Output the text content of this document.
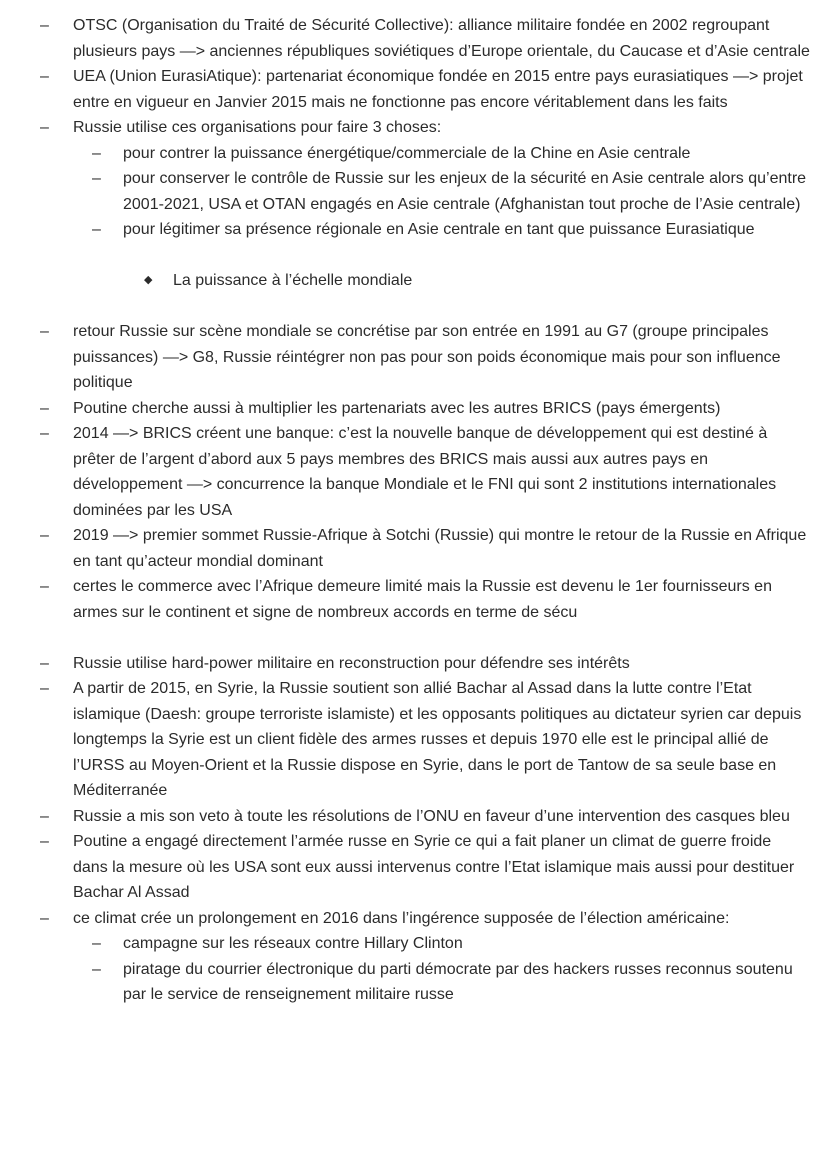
–	OTSC (Organisation du Traité de Sécurité Collective): alliance militaire fondée en 2002 regroupant plusieurs pays —> anciennes républiques soviétiques d’Europe orientale, du Caucase et d’Asie centrale
–	UEA (Union EurasiAtique): partenariat économique fondée en 2015 entre pays eurasiatiques —> projet entre en vigueur en Janvier 2015 mais ne fonctionne pas encore véritablement dans les faits
–	Russie utilise ces organisations pour faire 3 choses:
–	pour contrer la puissance énergétique/commerciale de la Chine en Asie centrale
–	pour conserver le contrôle de Russie sur les enjeux de la sécurité en Asie centrale alors qu’entre 2001-2021, USA et OTAN engagés en Asie centrale (Afghanistan tout proche de l’Asie centrale)
–	pour légitimer sa présence régionale en Asie centrale en tant que puissance Eurasiatique
◆ La puissance à l’échelle mondiale
–	retour Russie sur scène mondiale se concrétise par son entrée en 1991 au G7 (groupe principales puissances) —> G8, Russie réintégrer non pas pour son poids économique mais pour son influence politique
–	Poutine cherche aussi à multiplier les partenariats avec les autres BRICS (pays émergents)
–	2014 —> BRICS créent une banque: c’est la nouvelle banque de développement qui est destiné à prêter de l’argent d’abord aux 5 pays membres des BRICS mais aussi aux autres pays en développement —> concurrence la banque Mondiale et le FNI qui sont 2 institutions internationales dominées par les USA
–	2019 —> premier sommet Russie-Afrique à Sotchi (Russie) qui montre le retour de la Russie en Afrique en tant qu’acteur mondial dominant
–	certes le commerce avec l’Afrique demeure limité mais la Russie est devenu le 1er fournisseurs en armes sur le continent et signe de nombreux accords en terme de sécu
–	Russie utilise hard-power militaire en reconstruction pour défendre ses intérêts
–	A partir de 2015, en Syrie, la Russie soutient son allié Bachar al Assad dans la lutte contre l’Etat islamique (Daesh: groupe terroriste islamiste) et les opposants politiques au dictateur syrien car depuis longtemps la Syrie est un client fidèle des armes russes et depuis 1970 elle est le principal allié de l’URSS au Moyen-Orient et la Russie dispose en Syrie, dans le port de Tantow de sa seule base en Méditerranée
–	Russie a mis son veto à toute les résolutions de l’ONU en faveur d’une intervention des casques bleu
–	Poutine a engagé directement l’armée russe en Syrie ce qui a fait planer un climat de guerre froide dans la mesure où les USA sont eux aussi intervenus contre l’Etat islamique mais aussi pour destituer Bachar Al Assad
–	ce climat crée un prolongement en 2016 dans l’ingérence supposée de l’élection américaine:
–	campagne sur les réseaux contre Hillary Clinton
–	piratage du courrier électronique du parti démocrate par des hackers russes reconnus soutenu par le service de renseignement militaire russe
